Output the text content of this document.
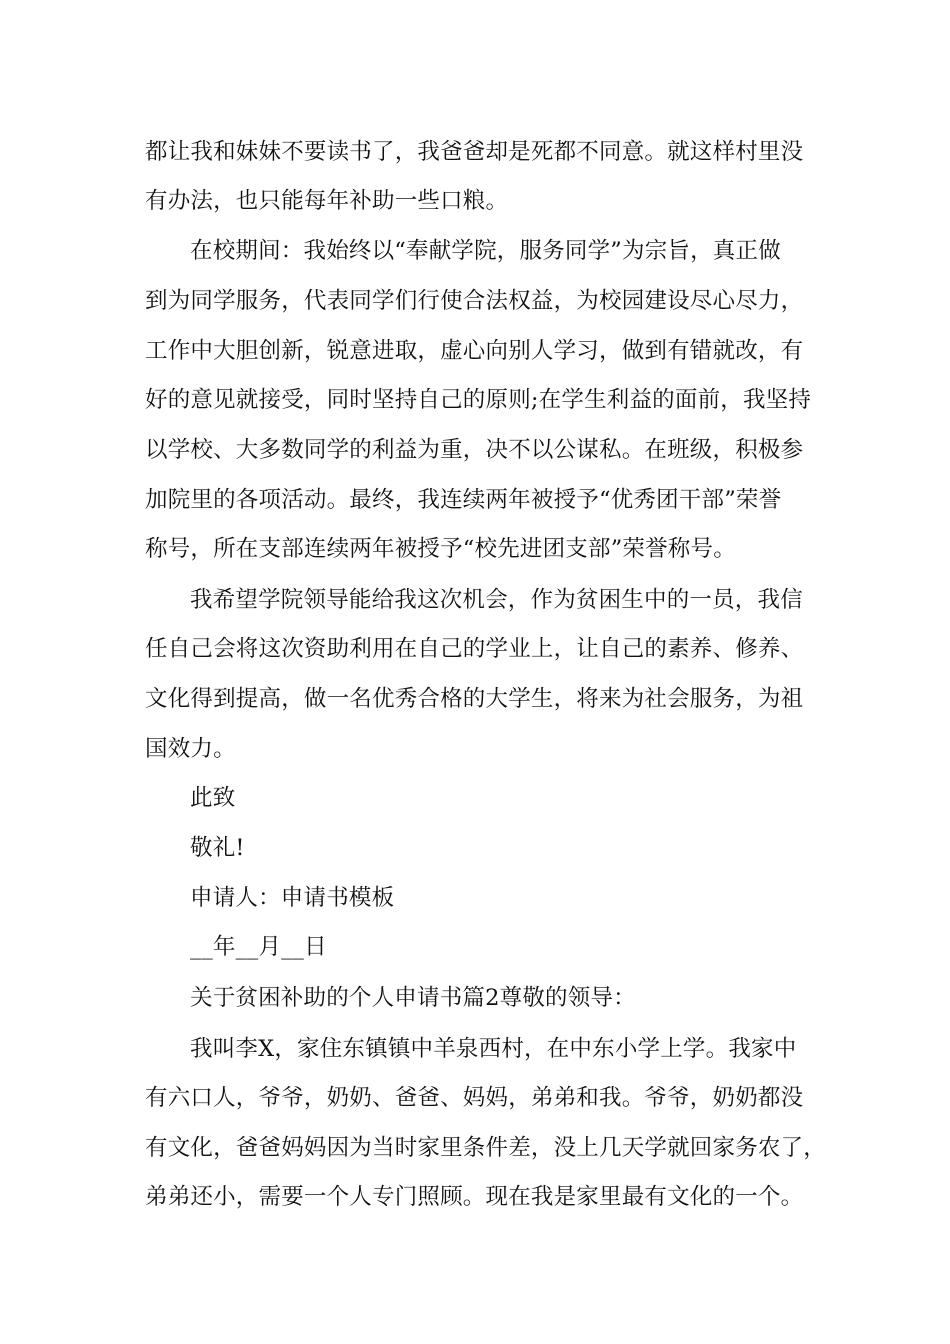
都让我和妹妹不要读书了，我爸爸却是死都不同意。就这样村里没
有办法，也只能每年补助一些口粮。
在校期间：我始终以“奉献学院，服务同学”为宗旨，真正做
到为同学服务，代表同学们行使合法权益，为校园建设尽心尽力，
工作中大胆创新，锐意进取，虚心向别人学习，做到有错就改，有
好的意见就接受，同时坚持自己的原则;在学生利益的面前，我坚持
以学校、大多数同学的利益为重，决不以公谋私。在班级，积极参
加院里的各项活动。最终，我连续两年被授予“优秀团干部”荣誉
称号，所在支部连续两年被授予“校先进团支部”荣誉称号。
我希望学院领导能给我这次机会，作为贫困生中的一员，我信
任自己会将这次资助利用在自己的学业上，让自己的素养、修养、
文化得到提高，做一名优秀合格的大学生，将来为社会服务，为祖
国效力。
此致
敬礼!
申请人：申请书模板
__年__月__日
关于贫困补助的个人申请书篇2尊敬的领导：
我叫李X，家住东镇镇中羊泉西村，在中东小学上学。我家中
有六口人，爷爷，奶奶、爸爸、妈妈，弟弟和我。爷爷，奶奶都没
有文化，爸爸妈妈因为当时家里条件差，没上几天学就回家务农了，
弟弟还小，需要一个人专门照顾。现在我是家里最有文化的一个。
